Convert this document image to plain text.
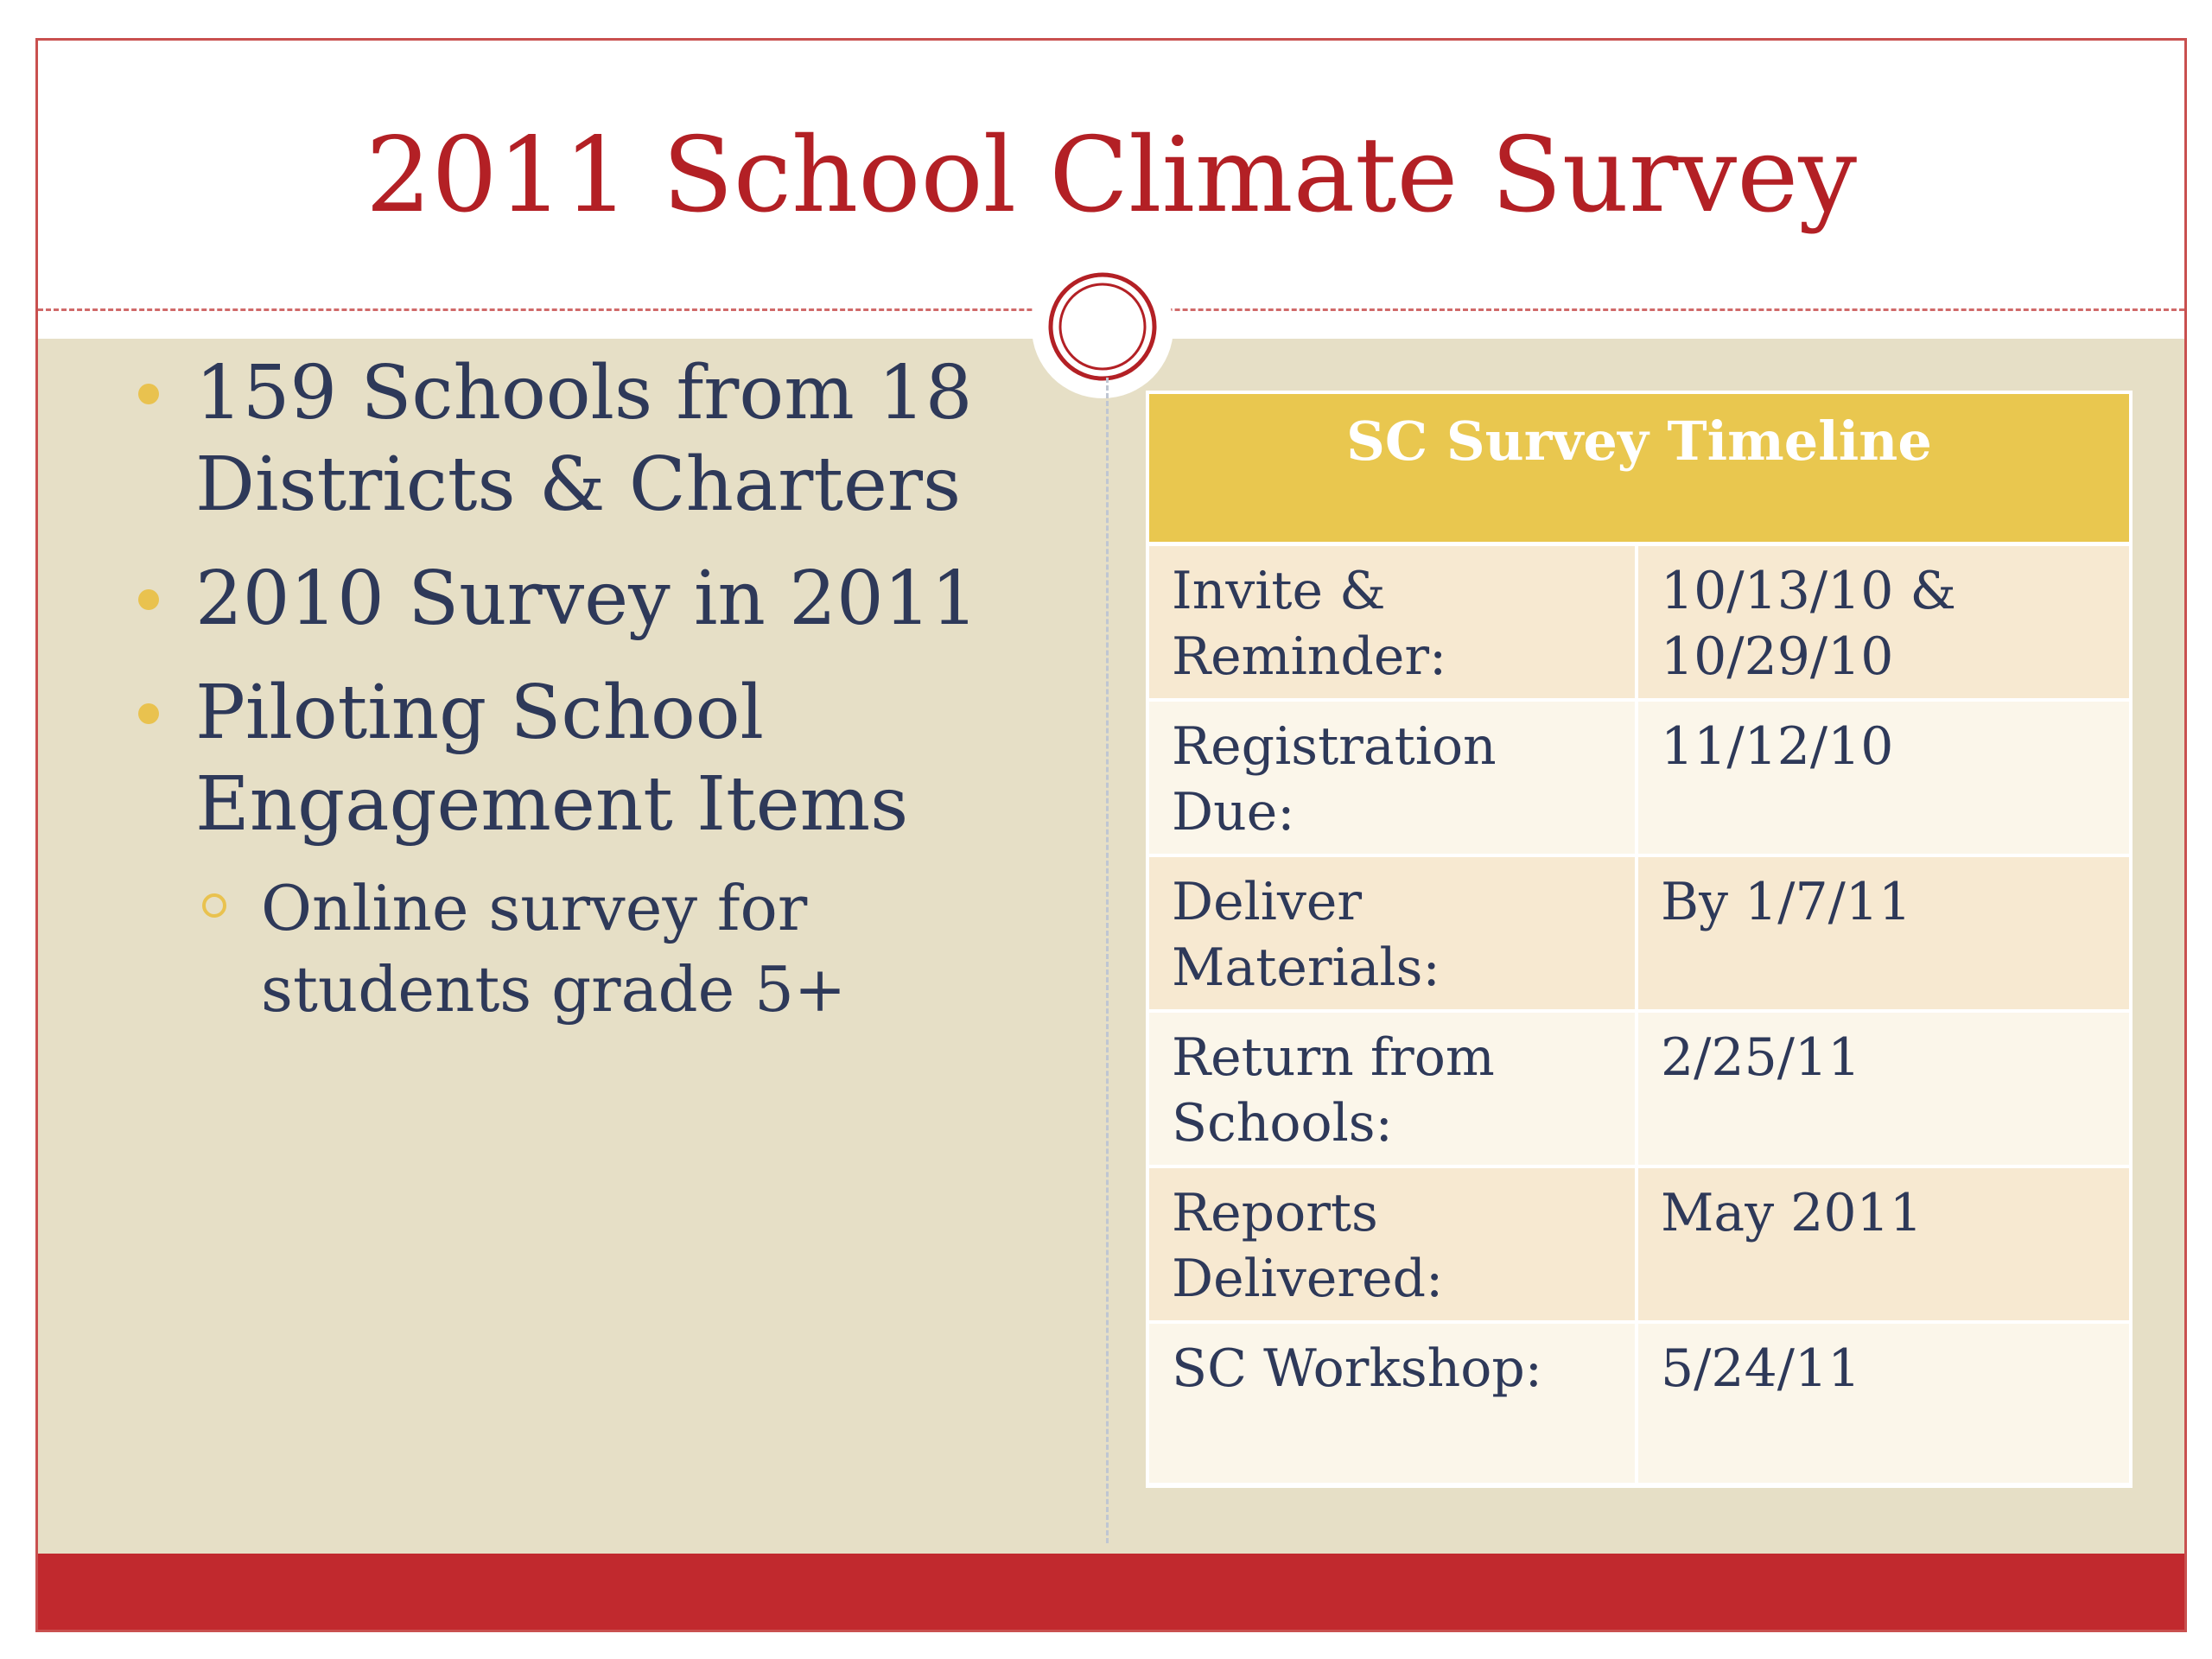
2011 School Climate Survey
159 Schools from 18 Districts & Charters
2010 Survey in 2011
Piloting School Engagement Items
Online survey for students grade 5+
SC Survey Timeline
Invite & Reminder:
10/13/10 & 10/29/10
Registration Due:
11/12/10
Deliver Materials:
By 1/7/11
Return from Schools:
2/25/11
Reports Delivered:
May 2011
SC Workshop:	5/24/11
